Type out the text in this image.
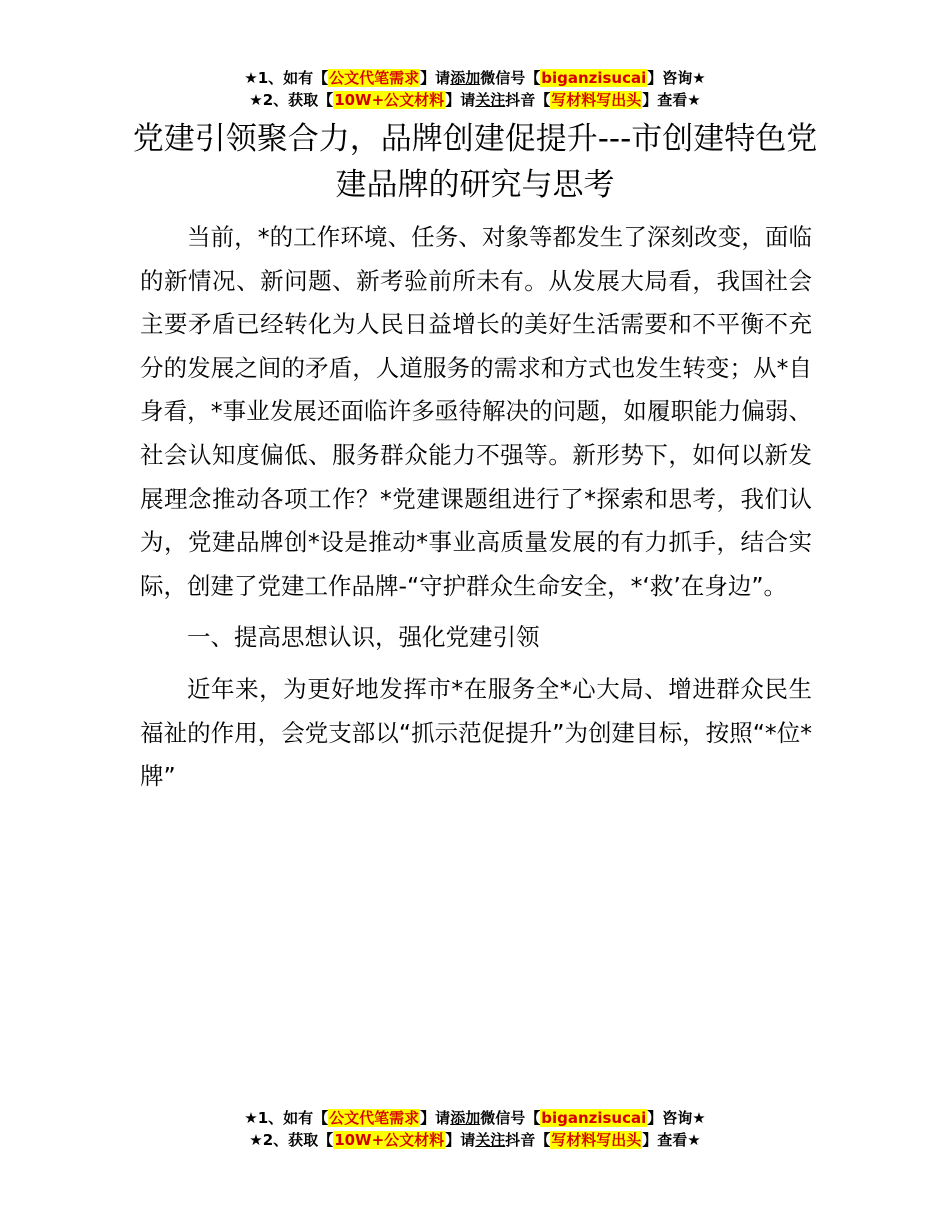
★1、如有【公文代笔需求】请添加微信号【biganzisucai】咨询★
★2、获取【10W+公文材料】请关注抖音【写材料写出头】查看★
党建引领聚合力，品牌创建促提升---市创建特色党建品牌的研究与思考

当前，*的工作环境、任务、对象等都发生了深刻改变，面临的新情况、新问题、新考验前所未有。从发展大局看，我国社会主要矛盾已经转化为人民日益增长的美好生活需要和不平衡不充分的发展之间的矛盾，人道服务的需求和方式也发生转变；从*自身看，*事业发展还面临许多亟待解决的问题，如履职能力偏弱、社会认知度偏低、服务群众能力不强等。新形势下，如何以新发展理念推动各项工作？*党建课题组进行了*探索和思考，我们认为，党建品牌创*设是推动*事业高质量发展的有力抓手，结合实际，创建了党建工作品牌-“守护群众生命安全，*‘救’在身边”。

一、提高思想认识，强化党建引领

近年来，为更好地发挥市*在服务全*心大局、增进群众民生福祉的作用，会党支部以“抓示范促提升”为创建目标，按照“*位*牌”

★1、如有【公文代笔需求】请添加微信号【biganzisucai】咨询★
★2、获取【10W+公文材料】请关注抖音【写材料写出头】查看★
